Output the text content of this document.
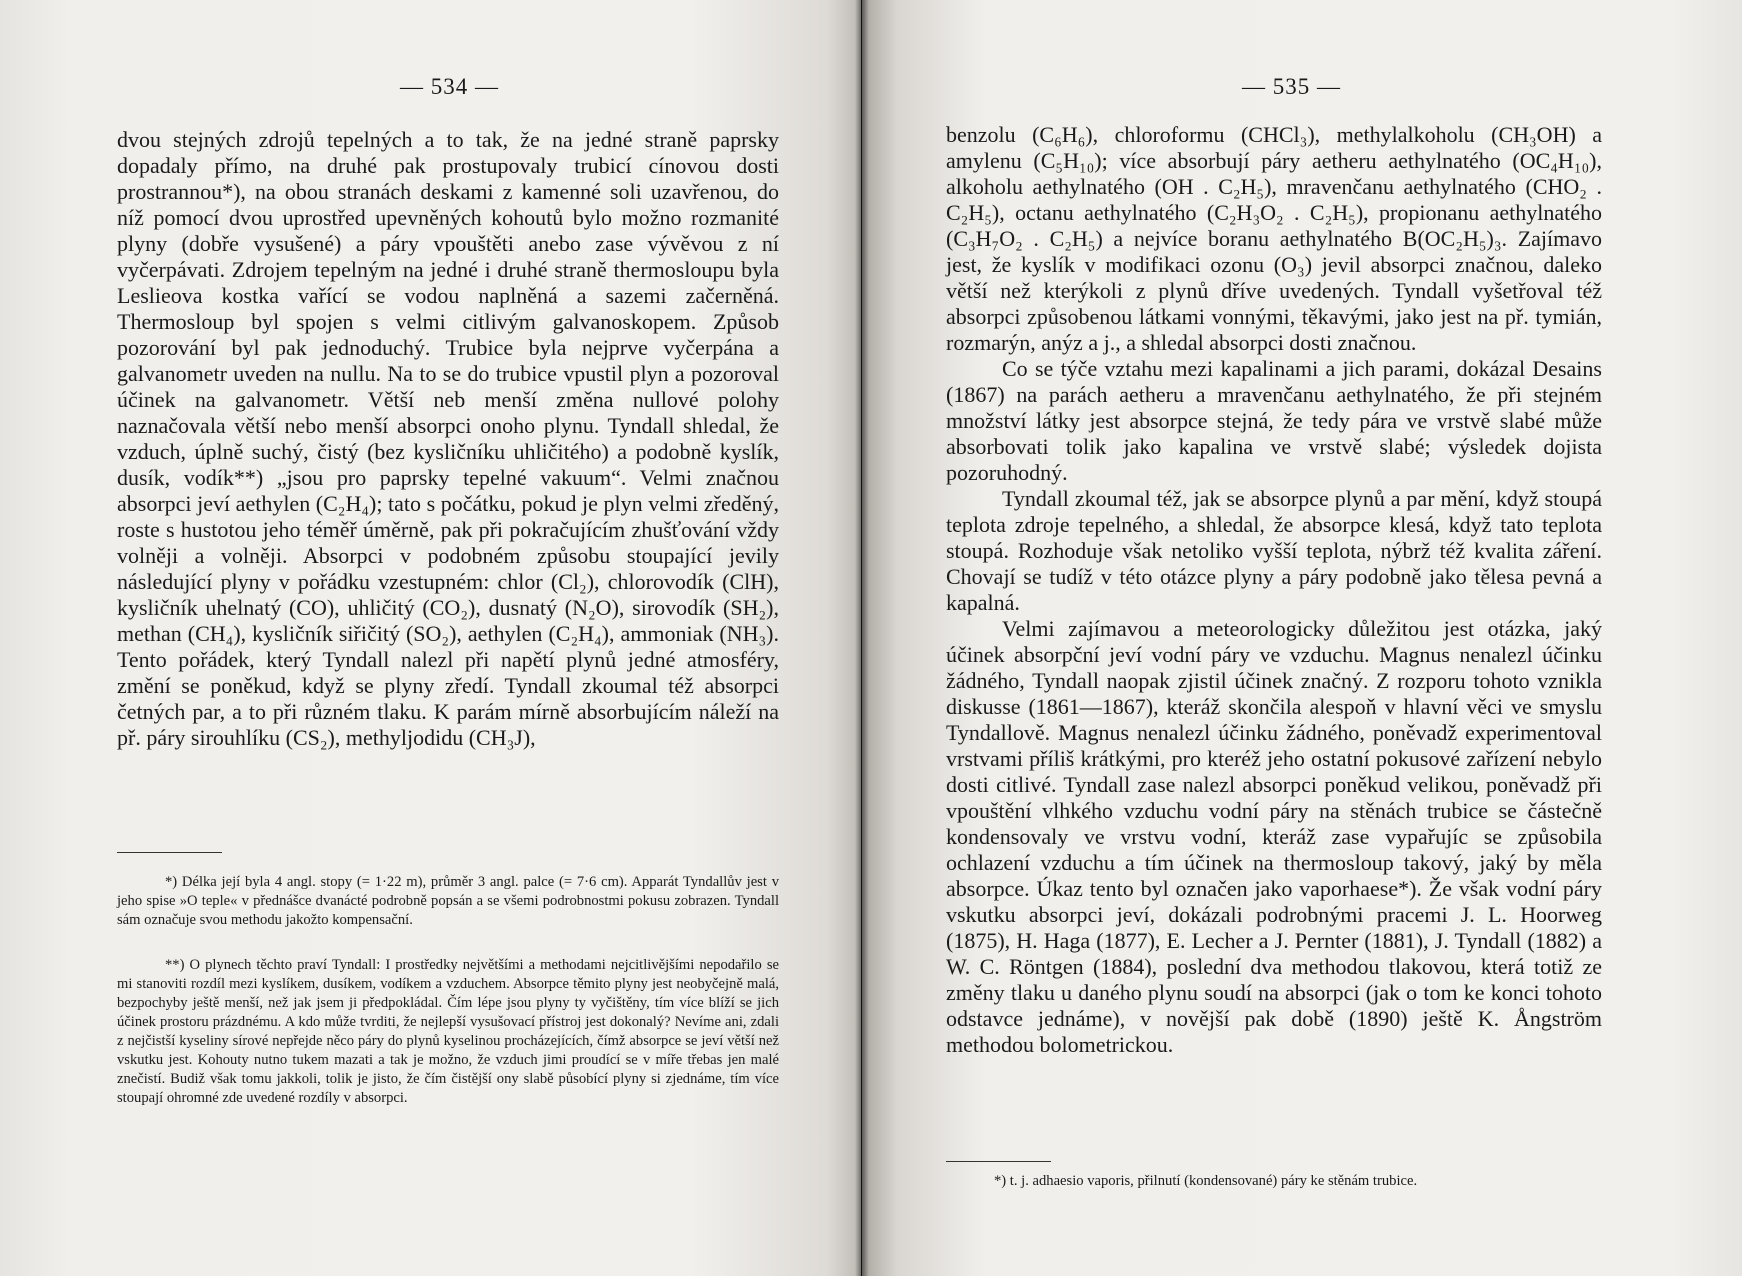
— 534 —

dvou stejných zdrojů tepelných a to tak, že na jedné straně paprsky dopadaly přímo, na druhé pak prostupovaly trubicí cínovou dosti prostrannou*), na obou stranách deskami z kamenné soli uzavřenou, do níž pomocí dvou uprostřed upevněných kohoutů bylo možno rozmanité plyny (dobře vysušené) a páry vpouštěti anebo zase vývěvou z ní vyčerpávati. Zdrojem tepelným na jedné i druhé straně thermosloupu byla Leslieova kostka vařící se vodou naplněná a sazemi začerněná. Thermosloup byl spojen s velmi citlivým galvanoskopem. Způsob pozorování byl pak jednoduchý. Trubice byla nejprve vyčerpána a galvanometr uveden na nullu. Na to se do trubice vpustil plyn a pozoroval účinek na galvanometr. Větší neb menší změna nullové polohy naznačovala větší nebo menší absorpci onoho plynu. Tyndall shledal, že vzduch, úplně suchý, čistý (bez kysličníku uhličitého) a podobně kyslík, dusík, vodík**) „jsou pro paprsky tepelné vakuum“. Velmi značnou absorpci jeví aethylen (C₂H₄); tato s počátku, pokud je plyn velmi zředěný, roste s hustotou jeho téměř úměrně, pak při pokračujícím zhušťování vždy volněji a volněji. Absorpci v podobném způsobu stoupající jevily následující plyny v pořádku vzestupném: chlor (Cl₂), chlorovodík (ClH), kysličník uhelnatý (CO), uhličitý (CO₂), dusnatý (N₂O), sirovodík (SH₂), methan (CH₄), kysličník siřičitý (SO₂), aethylen (C₂H₄), ammoniak (NH₃). Tento pořádek, který Tyndall nalezl při napětí plynů jedné atmosféry, změní se poněkud, když se plyny zředí. Tyndall zkoumal též absorpci četných par, a to při různém tlaku. K parám mírně absorbujícím náleží na př. páry sirouhlíku (CS₂), methyljodidu (CH₃J),

*) Délka její byla 4 angl. stopy (= 1·22 m), průměr 3 angl. palce (= 7·6 cm). Apparát Tyndallův jest v jeho spise »O teple« v přednášce dvanácté podrobně popsán a se všemi podrobnostmi pokusu zobrazen. Tyndall sám označuje svou methodu jakožto kompensační.

**) O plynech těchto praví Tyndall: I prostředky největšími a methodami nejcitlivějšími nepodařilo se mi stanoviti rozdíl mezi kyslíkem, dusíkem, vodíkem a vzduchem. Absorpce těmito plyny jest neobyčejně malá, bezpochyby ještě menší, než jak jsem ji předpokládal. Čím lépe jsou plyny ty vyčištěny, tím více blíží se jich účinek prostoru prázdnému. A kdo může tvrditi, že nejlepší vysušovací přístroj jest dokonalý? Nevíme ani, zdali z nejčistší kyseliny sírové nepřejde něco páry do plynů kyselinou procházejících, čímž absorpce se jeví větší než vskutku jest. Kohouty nutno tukem mazati a tak je možno, že vzduch jimi proudící se v míře třebas jen malé znečistí. Budiž však tomu jakkoli, tolik je jisto, že čím čistější ony slabě působící plyny si zjednáme, tím více stoupají ohromné zde uvedené rozdíly v absorpci.

— 535 —

benzolu (C₆H₆), chloroformu (CHCl₃), methylalkoholu (CH₃OH) a amylenu (C₅H₁₀); více absorbují páry aetheru aethylnatého (OC₄H₁₀), alkoholu aethylnatého (OH . C₂H₅), mravenčanu aethylnatého (CHO₂ . C₂H₅), octanu aethylnatého (C₂H₃O₂ . C₂H₅), propionanu aethylnatého (C₃H₇O₂ . C₂H₅) a nejvíce boranu aethylnatého B(OC₂H₅)₃. Zajímavo jest, že kyslík v modifikaci ozonu (O₃) jevil absorpci značnou, daleko větší než kterýkoli z plynů dříve uvedených. Tyndall vyšetřoval též absorpci způsobenou látkami vonnými, těkavými, jako jest na př. tymián, rozmarýn, anýz a j., a shledal absorpci dosti značnou.

Co se týče vztahu mezi kapalinami a jich parami, dokázal Desains (1867) na parách aetheru a mravenčanu aethylnatého, že při stejném množství látky jest absorpce stejná, že tedy pára ve vrstvě slabé může absorbovati tolik jako kapalina ve vrstvě slabé; výsledek dojista pozoruhodný.

Tyndall zkoumal též, jak se absorpce plynů a par mění, když stoupá teplota zdroje tepelného, a shledal, že absorpce klesá, když tato teplota stoupá. Rozhoduje však netoliko vyšší teplota, nýbrž též kvalita záření. Chovají se tudíž v této otázce plyny a páry podobně jako tělesa pevná a kapalná.

Velmi zajímavou a meteorologicky důležitou jest otázka, jaký účinek absorpční jeví vodní páry ve vzduchu. Magnus nenalezl účinku žádného, Tyndall naopak zjistil účinek značný. Z rozporu tohoto vznikla diskusse (1861—1867), kteráž skončila alespoň v hlavní věci ve smyslu Tyndallově. Magnus nenalezl účinku žádného, poněvadž experimentoval vrstvami příliš krátkými, pro kteréž jeho ostatní pokusové zařízení nebylo dosti citlivé. Tyndall zase nalezl absorpci poněkud velikou, poněvadž při vpouštění vlhkého vzduchu vodní páry na stěnách trubice se částečně kondensovaly ve vrstvu vodní, kteráž zase vypařujíc se způsobila ochlazení vzduchu a tím účinek na thermosloup takový, jaký by měla absorpce. Úkaz tento byl označen jako vaporhaese*). Že však vodní páry vskutku absorpci jeví, dokázali podrobnými pracemi J. L. Hoorweg (1875), H. Haga (1877), E. Lecher a J. Pernter (1881), J. Tyndall (1882) a W. C. Röntgen (1884), poslední dva methodou tlakovou, která totiž ze změny tlaku u daného plynu soudí na absorpci (jak o tom ke konci tohoto odstavce jednáme), v novější pak době (1890) ještě K. Ångström methodou bolometrickou.

*) t. j. adhaesio vaporis, přilnutí (kondensované) páry ke stěnám trubice.
